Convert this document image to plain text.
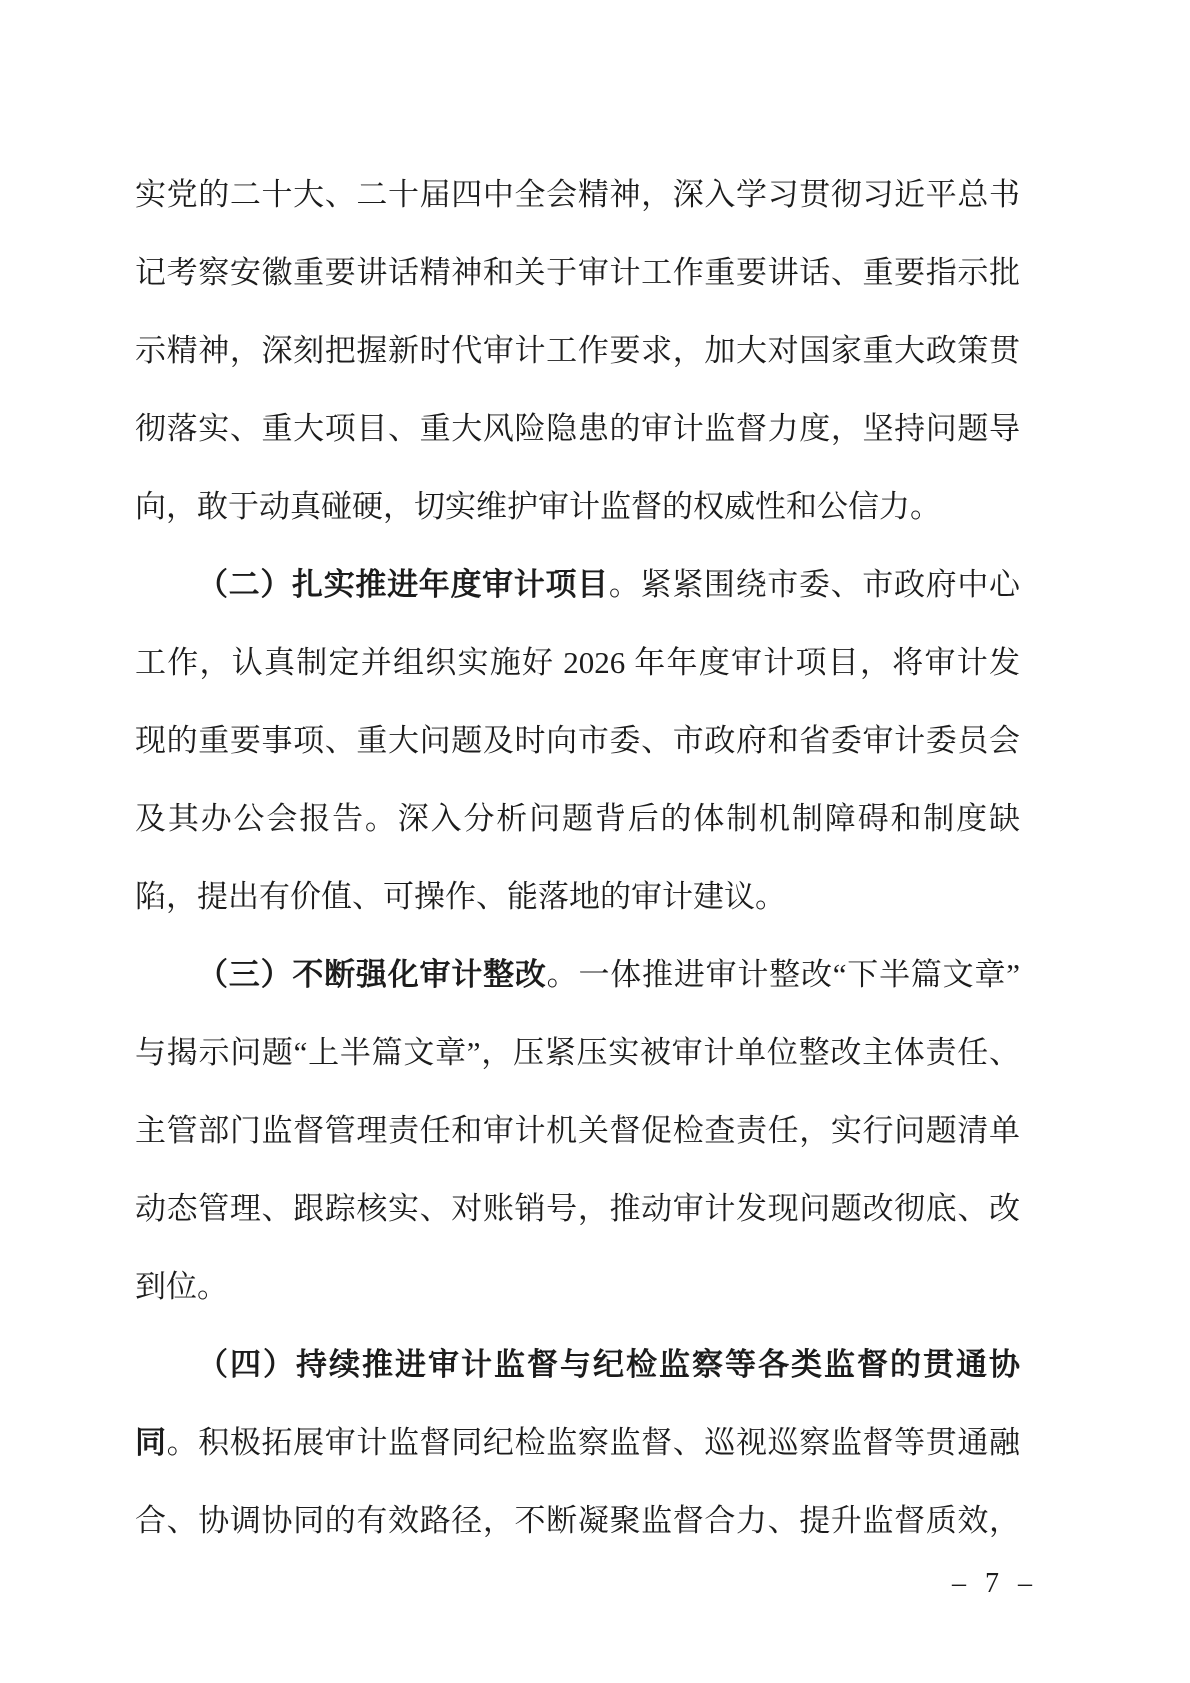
实党的二十大、二十届四中全会精神，深入学习贯彻习近平总书
记考察安徽重要讲话精神和关于审计工作重要讲话、重要指示批
示精神，深刻把握新时代审计工作要求，加大对国家重大政策贯
彻落实、重大项目、重大风险隐患的审计监督力度，坚持问题导
向，敢于动真碰硬，切实维护审计监督的权威性和公信力。
（二）扎实推进年度审计项目。紧紧围绕市委、市政府中心
工作，认真制定并组织实施好 2026 年年度审计项目，将审计发
现的重要事项、重大问题及时向市委、市政府和省委审计委员会
及其办公会报告。深入分析问题背后的体制机制障碍和制度缺
陷，提出有价值、可操作、能落地的审计建议。
（三）不断强化审计整改。一体推进审计整改“下半篇文章”
与揭示问题“上半篇文章”，压紧压实被审计单位整改主体责任、
主管部门监督管理责任和审计机关督促检查责任，实行问题清单
动态管理、跟踪核实、对账销号，推动审计发现问题改彻底、改
到位。
（四）持续推进审计监督与纪检监察等各类监督的贯通协
同。积极拓展审计监督同纪检监察监督、巡视巡察监督等贯通融
合、协调协同的有效路径，不断凝聚监督合力、提升监督质效，
– 7 –
